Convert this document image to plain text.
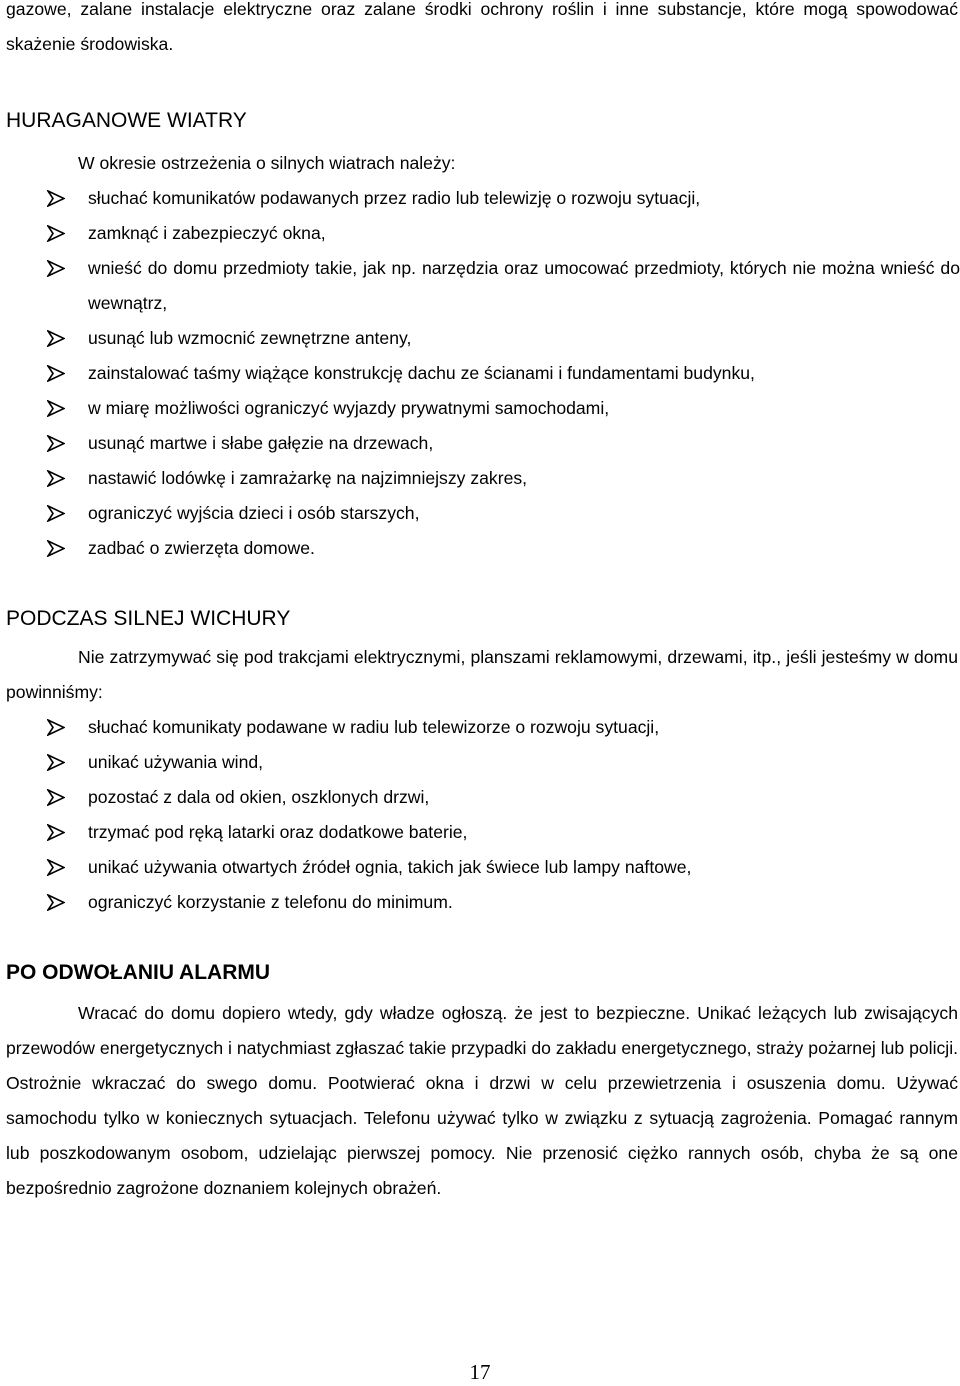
gazowe, zalane instalacje elektryczne oraz zalane środki ochrony roślin i inne substancje, które mogą spowodować skażenie środowiska.

HURAGANOWE WIATRY

W okresie ostrzeżenia o silnych wiatrach należy:

słuchać komunikatów podawanych przez radio lub telewizję o rozwoju sytuacji,
zamknąć i zabezpieczyć okna,
wnieść do domu przedmioty takie, jak np. narzędzia oraz umocować przedmioty, których nie można wnieść do wewnątrz,
usunąć lub wzmocnić zewnętrzne anteny,
zainstalować taśmy wiążące konstrukcję dachu ze ścianami i fundamentami budynku,
w miarę możliwości ograniczyć wyjazdy prywatnymi samochodami,
usunąć martwe i słabe gałęzie na drzewach,
nastawić lodówkę i zamrażarkę na najzimniejszy zakres,
ograniczyć wyjścia dzieci i osób starszych,
zadbać o zwierzęta domowe.
PODCZAS SILNEJ WICHURY

Nie zatrzymywać się pod trakcjami elektrycznymi, planszami reklamowymi, drzewami, itp., jeśli jesteśmy w domu powinniśmy:

słuchać komunikaty podawane w radiu lub telewizorze o rozwoju sytuacji,
unikać używania wind,
pozostać z dala od okien, oszklonych drzwi,
trzymać pod ręką latarki oraz dodatkowe baterie,
unikać używania otwartych źródeł ognia, takich jak świece lub lampy naftowe,
ograniczyć korzystanie z telefonu do minimum.
PO ODWOŁANIU ALARMU

Wracać do domu dopiero wtedy, gdy władze ogłoszą. że jest to bezpieczne. Unikać leżących lub zwisających przewodów energetycznych i natychmiast zgłaszać takie przypadki do zakładu energetycznego, straży pożarnej lub policji. Ostrożnie wkraczać do swego domu. Pootwierać okna i drzwi w celu przewietrzenia i osuszenia domu. Używać samochodu tylko w koniecznych sytuacjach. Telefonu używać tylko w związku z sytuacją zagrożenia. Pomagać rannym lub poszkodowanym osobom, udzielając pierwszej pomocy. Nie przenosić ciężko rannych osób, chyba że są one bezpośrednio zagrożone doznaniem kolejnych obrażeń.

17
